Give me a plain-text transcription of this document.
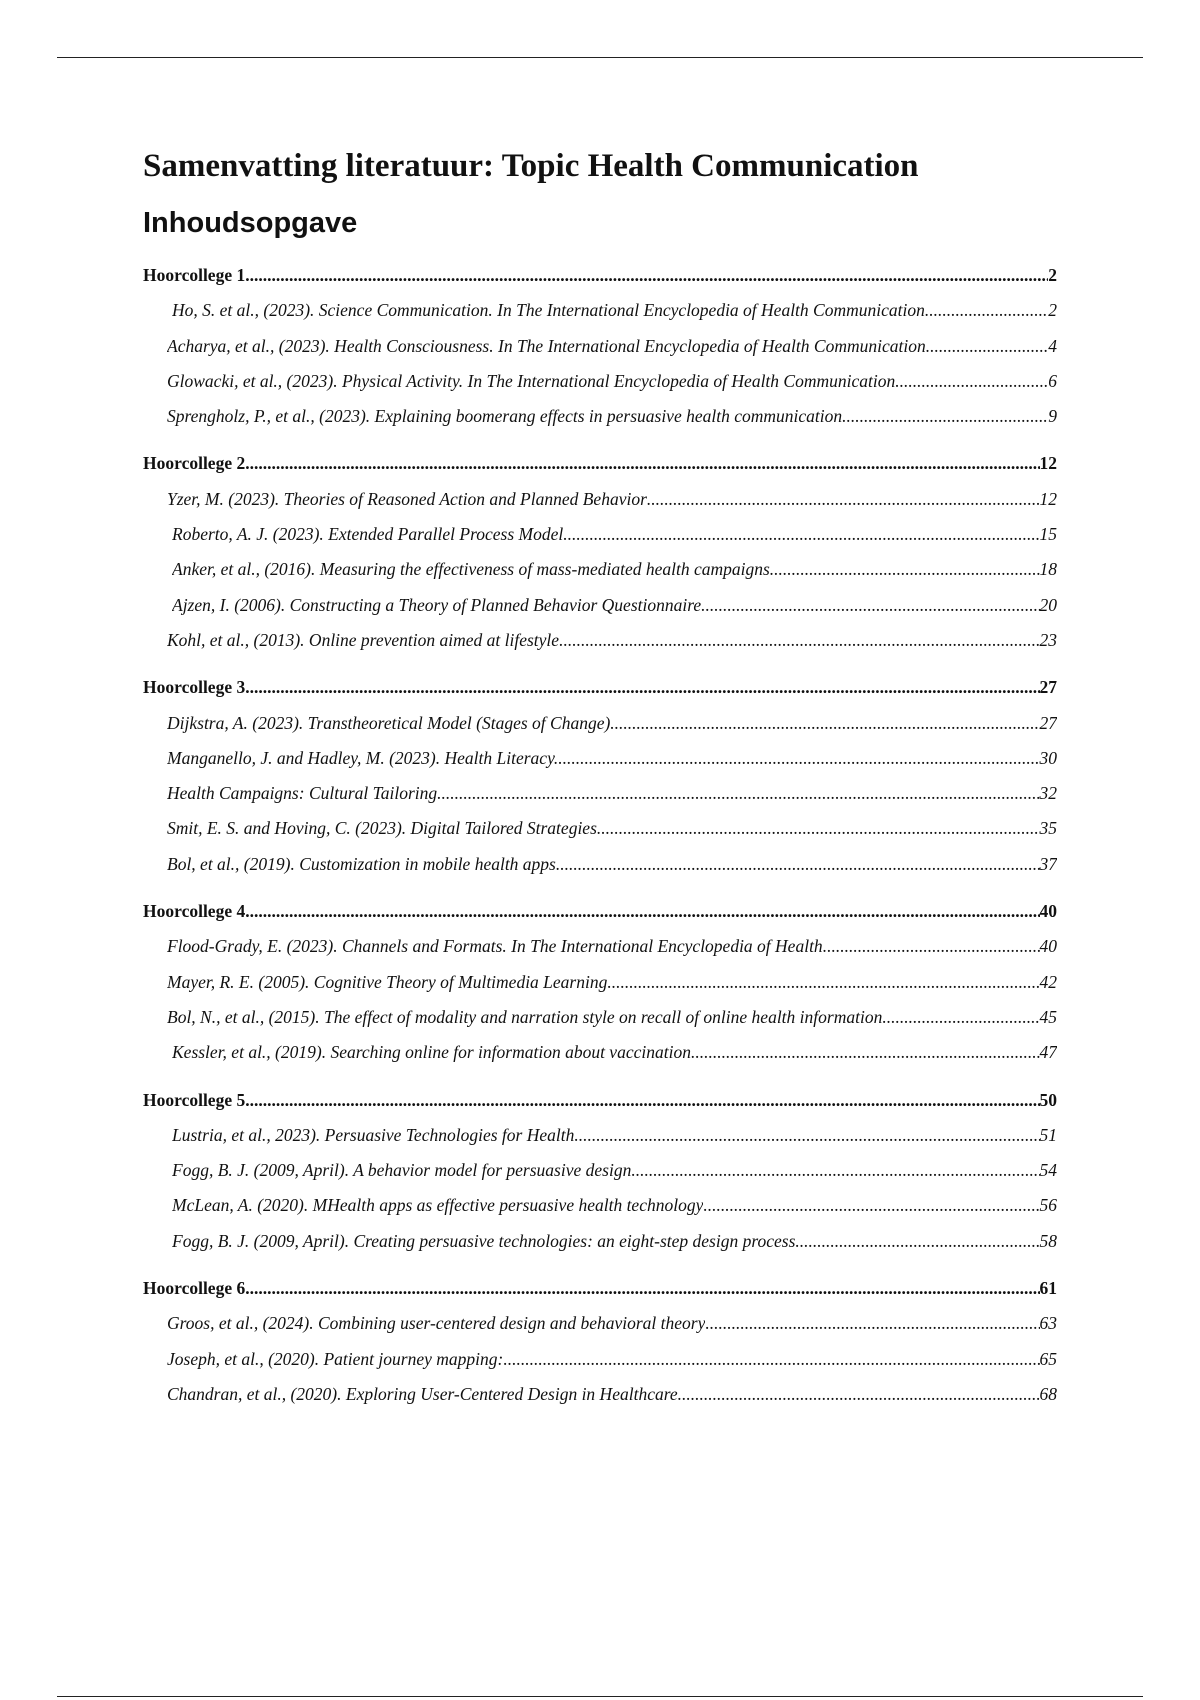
Samenvatting literatuur: Topic Health Communication
Inhoudsopgave
Hoorcollege 1 .....	2
Ho, S. et al., (2023). Science Communication. In The International Encyclopedia of Health Communication .....	2
Acharya, et al., (2023). Health Consciousness. In The International Encyclopedia of Health Communication .....	4
Glowacki, et al., (2023). Physical Activity. In The International Encyclopedia of Health Communication .....	6
Sprengholz, P., et al., (2023). Explaining boomerang effects in persuasive health communication .....	9
Hoorcollege 2 .....	12
Yzer, M. (2023). Theories of Reasoned Action and Planned Behavior .....	12
Roberto, A. J. (2023). Extended Parallel Process Model .....	15
Anker, et al., (2016). Measuring the effectiveness of mass-mediated health campaigns. .....	18
Ajzen, I. (2006). Constructing a Theory of Planned Behavior Questionnaire .....	20
Kohl, et al., (2013). Online prevention aimed at lifestyle .....	23
Hoorcollege 3 .....	27
Dijkstra, A. (2023). Transtheoretical Model (Stages of Change) .....	27
Manganello, J. and Hadley, M. (2023). Health Literacy. .....	30
Health Campaigns: Cultural Tailoring .....	32
Smit, E. S. and Hoving, C. (2023). Digital Tailored Strategies .....	35
Bol, et al., (2019). Customization in mobile health apps .....	37
Hoorcollege 4 .....	40
Flood-Grady, E. (2023). Channels and Formats. In The International Encyclopedia of Health .....	40
Mayer, R. E. (2005). Cognitive Theory of Multimedia Learning .....	42
Bol, N., et al., (2015). The effect of modality and narration style on recall of online health information. .....	45
Kessler, et al., (2019). Searching online for information about vaccination .....	47
Hoorcollege 5 .....	50
Lustria, et al., 2023). Persuasive Technologies for Health .....	51
Fogg, B. J. (2009, April). A behavior model for persuasive design .....	54
McLean, A. (2020). MHealth apps as effective persuasive health technology .....	56
Fogg, B. J. (2009, April). Creating persuasive technologies: an eight-step design process. .....	58
Hoorcollege 6 .....	61
Groos, et al., (2024). Combining user-centered design and behavioral theory .....	63
Joseph, et al., (2020). Patient journey mapping: .....	65
Chandran, et al., (2020). Exploring User-Centered Design in Healthcare .....	68
